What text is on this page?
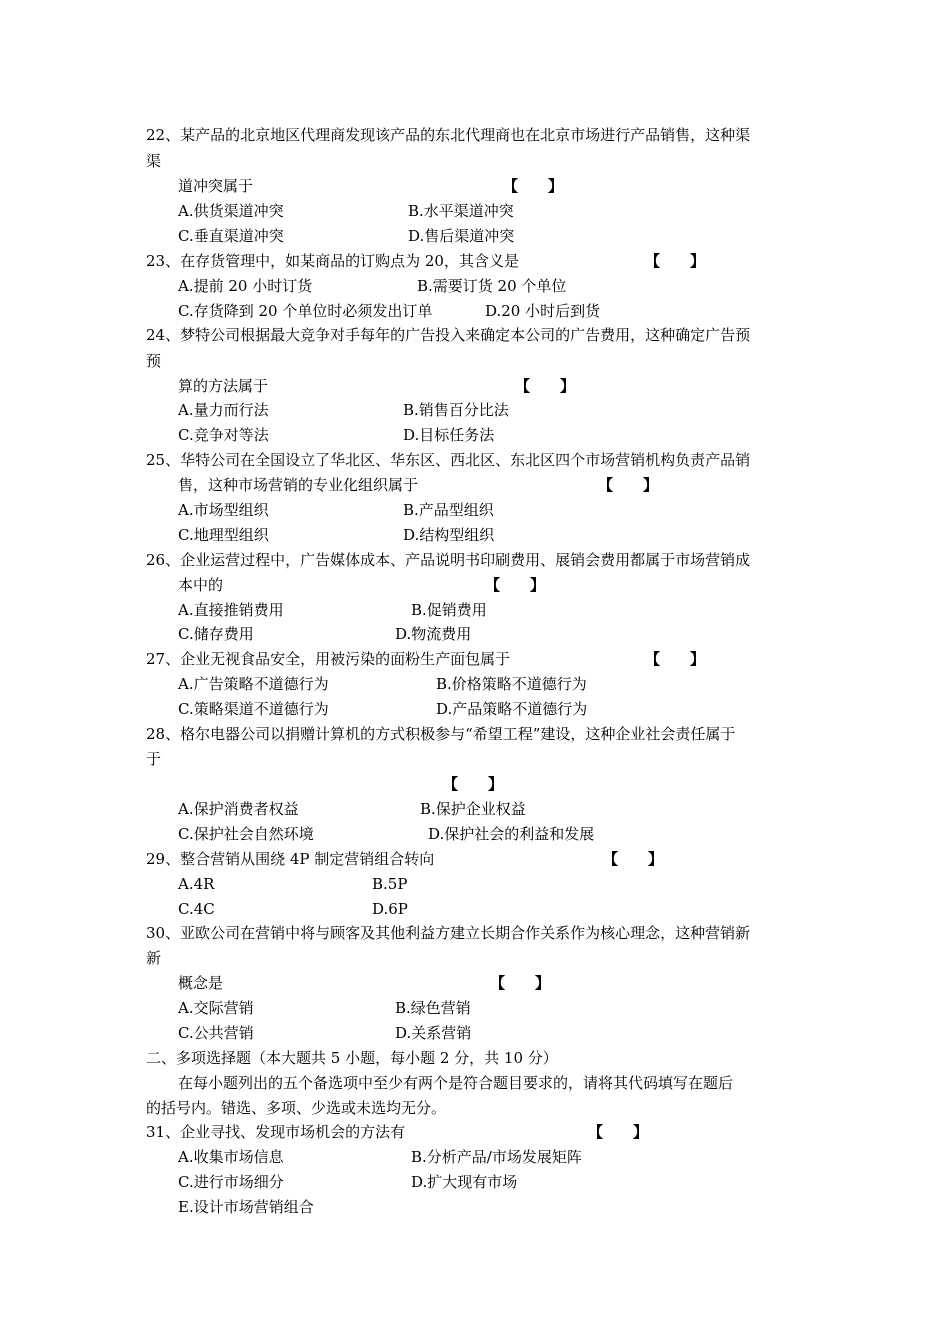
22、某产品的北京地区代理商发现该产品的东北代理商也在北京市场进行产品销售，这种渠
渠
道冲突属于	【　　】
A.供货渠道冲突	B.水平渠道冲突
C.垂直渠道冲突	D.售后渠道冲突
23、在存货管理中，如某商品的订购点为 20，其含义是	【　　】
A.提前 20 小时订货	B.需要订货 20 个单位
C.存货降到 20 个单位时必须发出订单	D.20 小时后到货
24、梦特公司根据最大竞争对手每年的广告投入来确定本公司的广告费用，这种确定广告预
预
算的方法属于	【　　】
A.量力而行法	B.销售百分比法
C.竞争对等法	D.目标任务法
25、华特公司在全国设立了华北区、华东区、西北区、东北区四个市场营销机构负责产品销
售，这种市场营销的专业化组织属于	【　　】
A.市场型组织	B.产品型组织
C.地理型组织	D.结构型组织
26、企业运营过程中，广告媒体成本、产品说明书印刷费用、展销会费用都属于市场营销成
本中的	【　　】
A.直接推销费用	B.促销费用
C.储存费用	D.物流费用
27、企业无视食品安全，用被污染的面粉生产面包属于	【　　】
A.广告策略不道德行为	B.价格策略不道德行为
C.策略渠道不道德行为	D.产品策略不道德行为
28、格尔电器公司以捐赠计算机的方式积极参与“希望工程”建设，这种企业社会责任属于
于
【　　】
A.保护消费者权益	B.保护企业权益
C.保护社会自然环境	D.保护社会的利益和发展
29、整合营销从围绕 4P 制定营销组合转向	【　　】
A.4R	B.5P
C.4C	D.6P
30、亚欧公司在营销中将与顾客及其他利益方建立长期合作关系作为核心理念，这种营销新
新
概念是	【　　】
A.交际营销	B.绿色营销
C.公共营销	D.关系营销
二、多项选择题（本大题共 5 小题，每小题 2 分，共 10 分）
在每小题列出的五个备选项中至少有两个是符合题目要求的，请将其代码填写在题后
的括号内。错选、多项、少选或未选均无分。
31、企业寻找、发现市场机会的方法有	【　　】
A.收集市场信息	B.分析产品/市场发展矩阵
C.进行市场细分	D.扩大现有市场
E.设计市场营销组合
